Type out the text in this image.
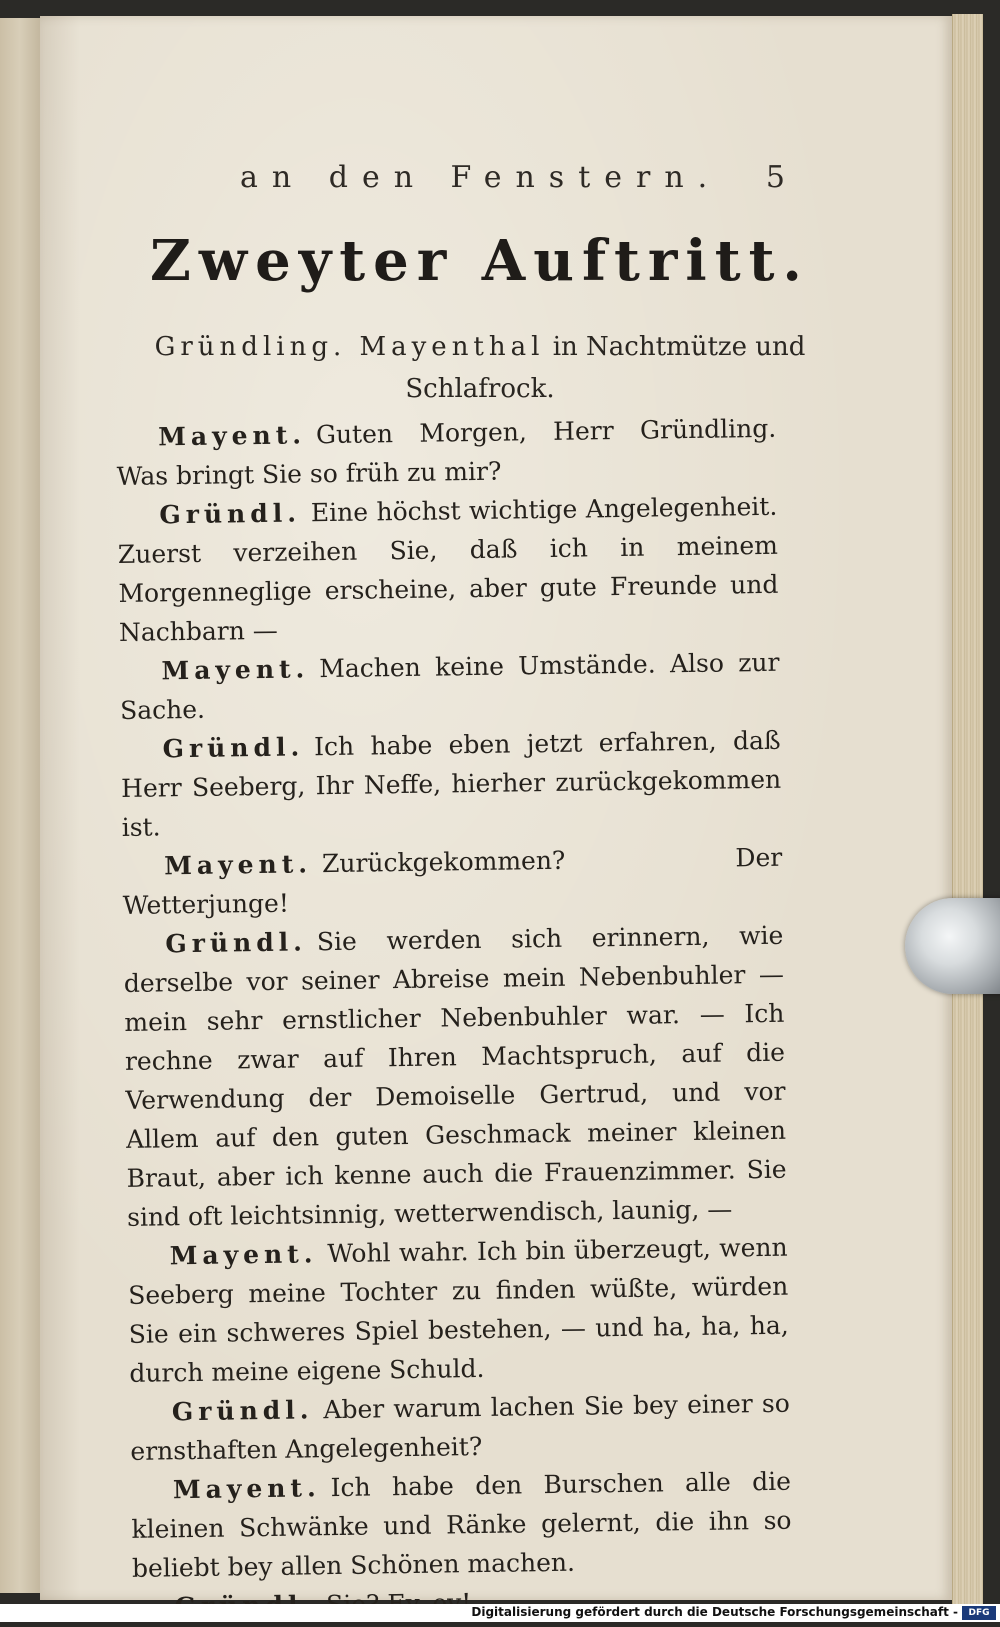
an den Fenstern. 5
Zweyter Auftritt.
Gründling. Mayenthal in Nachtmütze und Schlafrock.

Mayent. Guten Morgen, Herr Gründling. Was bringt Sie so früh zu mir?

Gründl. Eine höchst wichtige Angelegenheit. Zuerst verzeihen Sie, daß ich in meinem Morgenneglige erscheine, aber gute Freunde und Nachbarn —

Mayent. Machen keine Umstände. Also zur Sache.

Gründl. Ich habe eben jetzt erfahren, daß Herr Seeberg, Ihr Neffe, hierher zurückgekommen ist.

Mayent. Zurückgekommen? Der Wetterjunge!

Gründl. Sie werden sich erinnern, wie derselbe vor seiner Abreise mein Nebenbuhler — mein sehr ernstlicher Nebenbuhler war. — Ich rechne zwar auf Ihren Machtspruch, auf die Verwendung der Demoiselle Gertrud, und vor Allem auf den guten Geschmack meiner kleinen Braut, aber ich kenne auch die Frauenzimmer. Sie sind oft leichtsinnig, wetterwendisch, launig, —

Mayent. Wohl wahr. Ich bin überzeugt, wenn Seeberg meine Tochter zu finden wüßte, würden Sie ein schweres Spiel bestehen, — und ha, ha, ha, durch meine eigene Schuld.

Gründl. Aber warum lachen Sie bey einer so ernsthaften Angelegenheit?

Mayent. Ich habe den Burschen alle die kleinen Schwänke und Ränke gelernt, die ihn so beliebt bey allen Schönen machen.

Digitalisierung gefördert durch die Deutsche Forschungsgemeinschaft -	DFG
